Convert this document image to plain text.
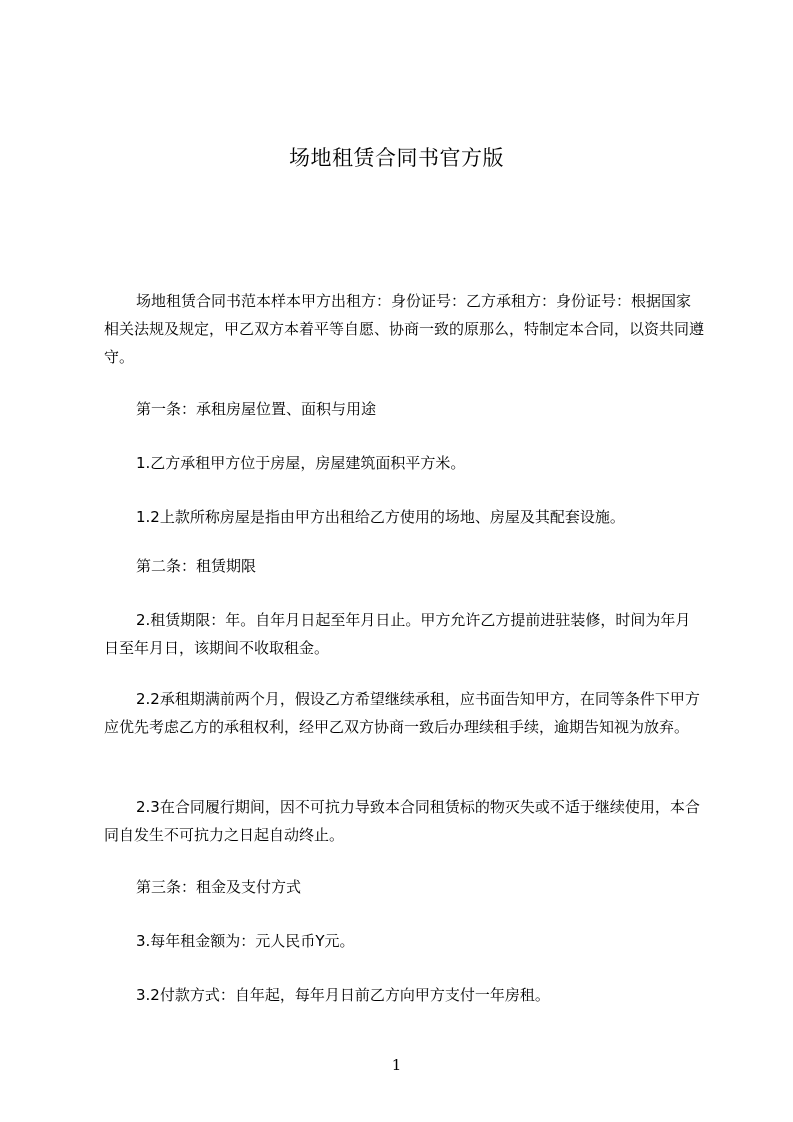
场地租赁合同书官方版

场地租赁合同书范本样本甲方出租方：身份证号：乙方承租方：身份证号：根据国家相关法规及规定，甲乙双方本着平等自愿、协商一致的原那么，特制定本合同，以资共同遵守。

第一条：承租房屋位置、面积与用途

1.乙方承租甲方位于房屋，房屋建筑面积平方米。

1.2上款所称房屋是指由甲方出租给乙方使用的场地、房屋及其配套设施。

第二条：租赁期限

2.租赁期限：年。自年月日起至年月日止。甲方允许乙方提前进驻装修，时间为年月日至年月日，该期间不收取租金。

2.2承租期满前两个月，假设乙方希望继续承租，应书面告知甲方，在同等条件下甲方应优先考虑乙方的承租权利，经甲乙双方协商一致后办理续租手续，逾期告知视为放弃。

2.3在合同履行期间，因不可抗力导致本合同租赁标的物灭失或不适于继续使用，本合同自发生不可抗力之日起自动终止。

第三条：租金及支付方式

3.每年租金额为：元人民币Y元。

3.2付款方式：自年起，每年月日前乙方向甲方支付一年房租。

1
